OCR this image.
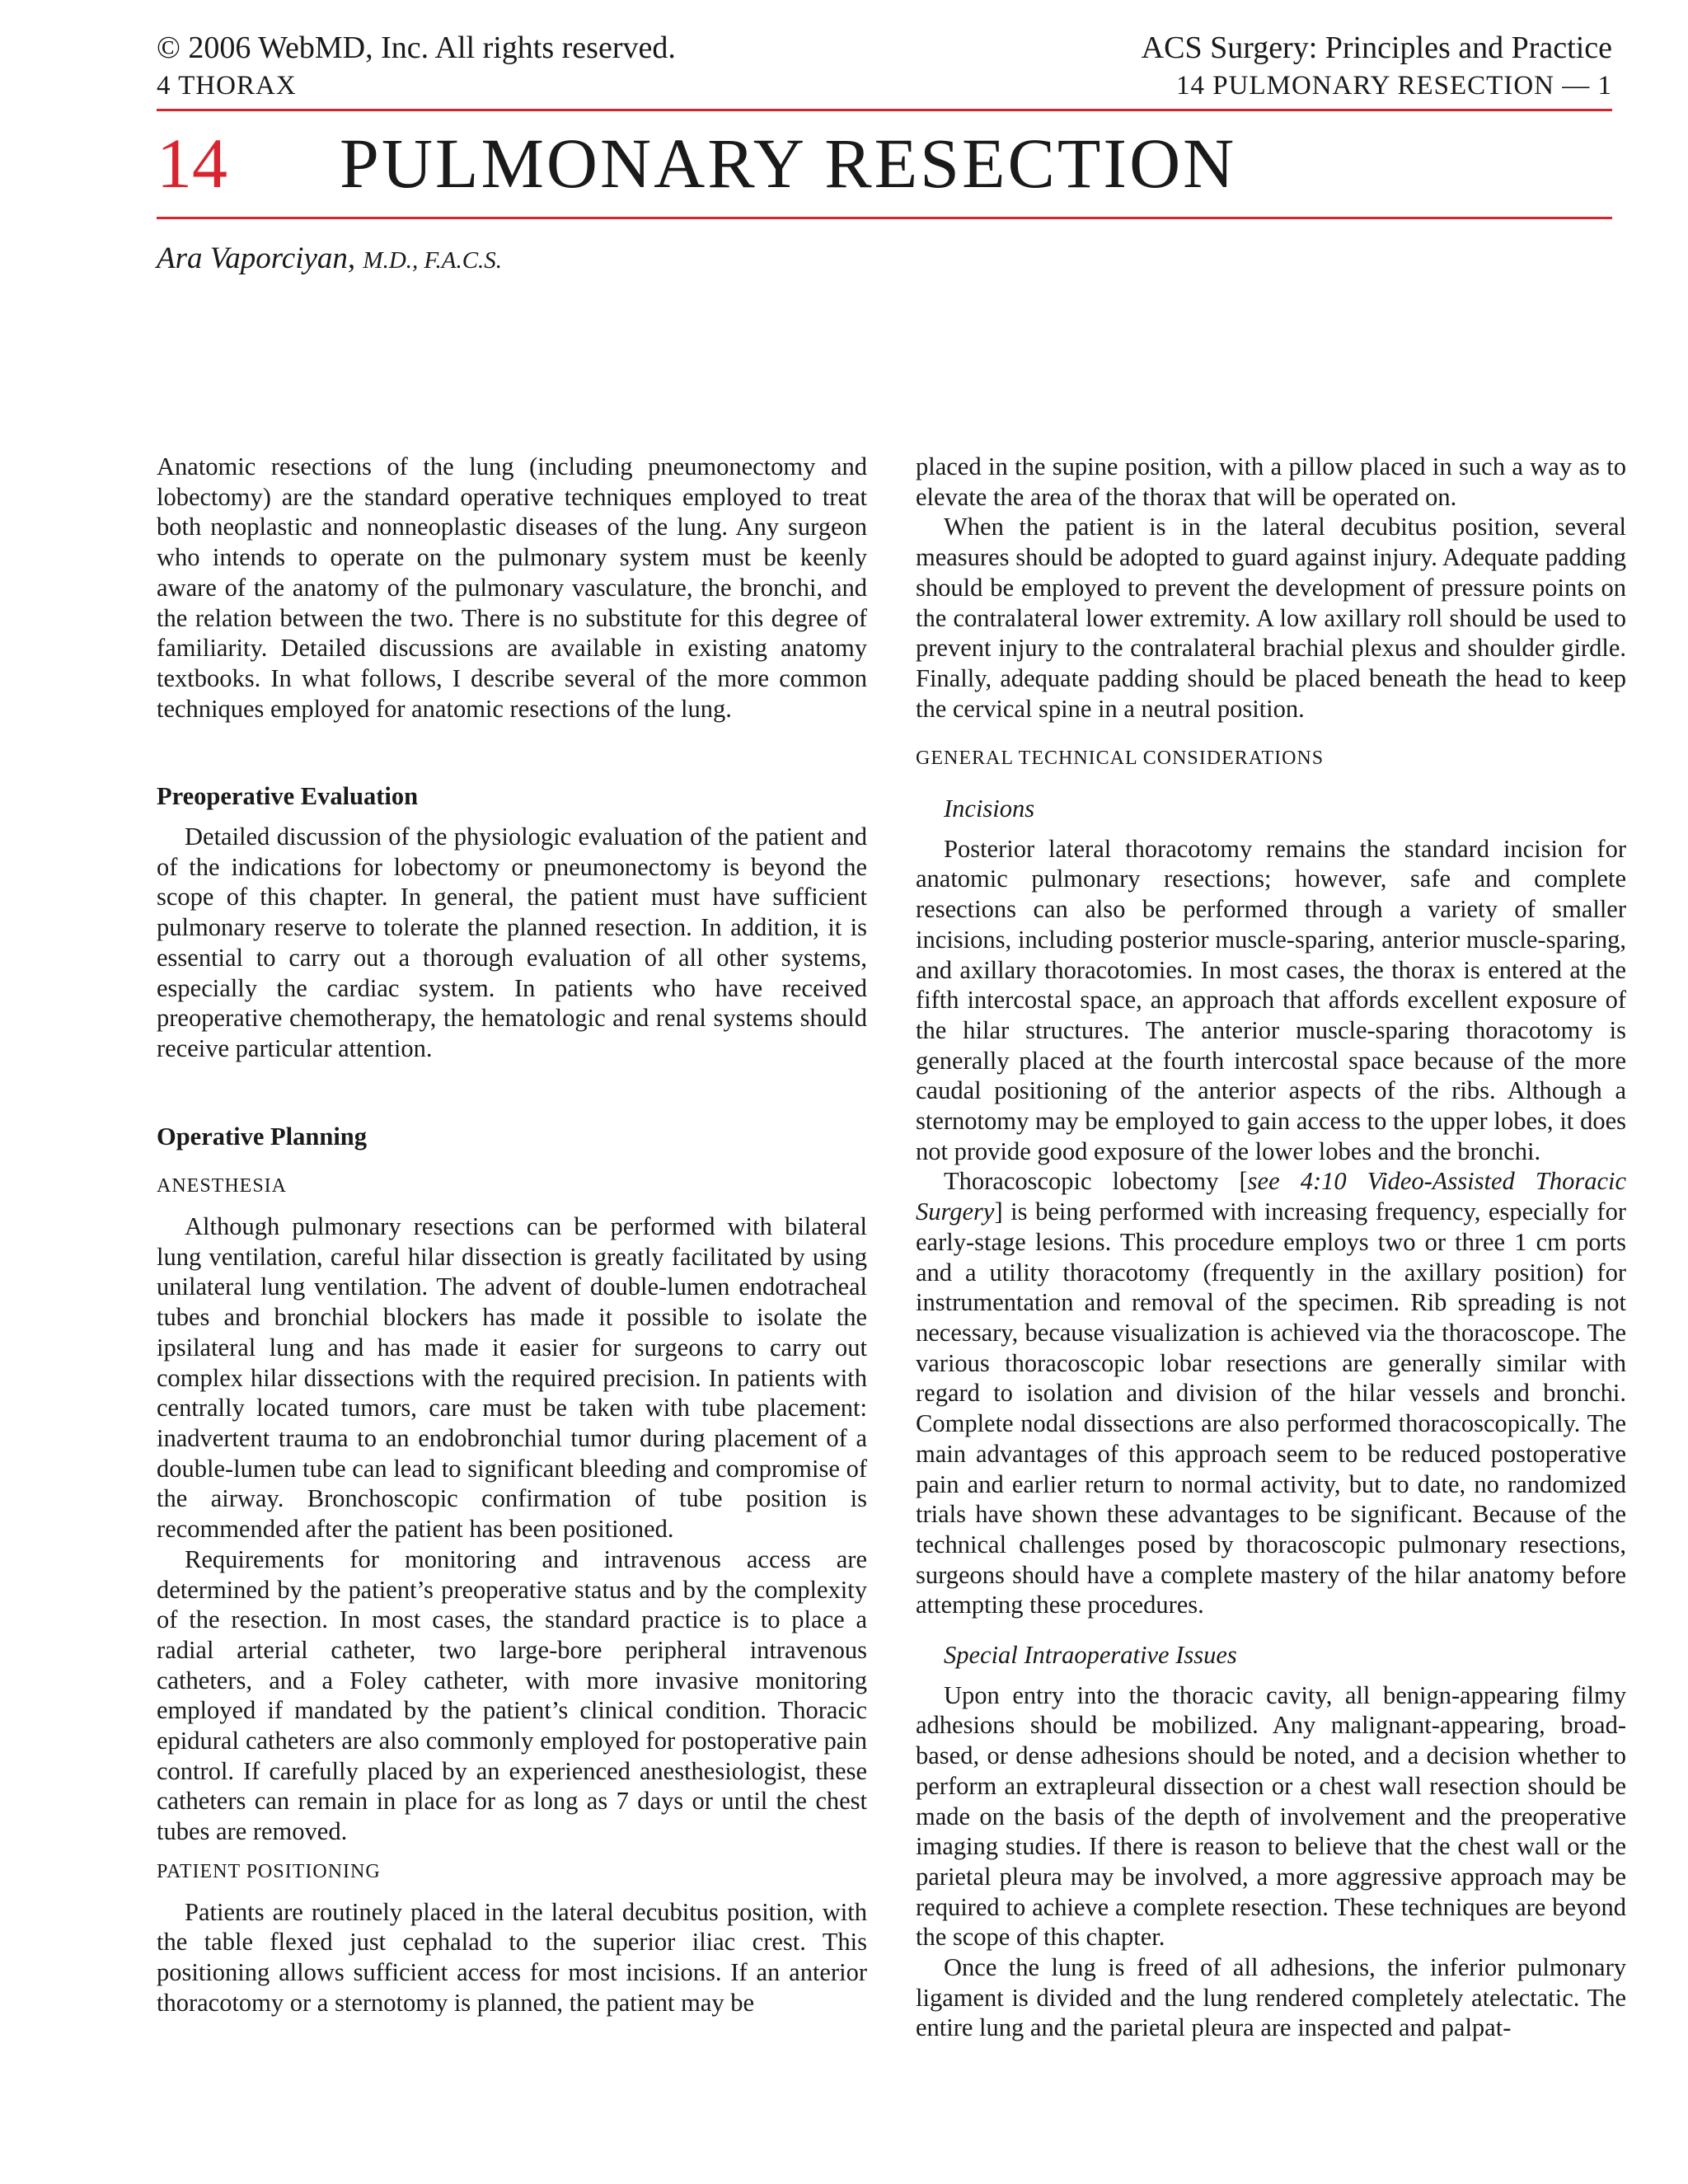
© 2006 WebMD, Inc. All rights reserved.
4 THORAX
ACS Surgery: Principles and Practice
14 PULMONARY RESECTION — 1
14 PULMONARY RESECTION
Ara Vaporciyan, M.D., F.A.C.S.

Anatomic resections of the lung (including pneumonectomy and lobectomy) are the standard operative techniques employed to treat both neoplastic and nonneoplastic diseases of the lung. Any surgeon who intends to operate on the pulmonary system must be keenly aware of the anatomy of the pulmonary vasculature, the bronchi, and the relation between the two. There is no substitute for this degree of familiarity. Detailed discussions are available in existing anatomy textbooks. In what follows, I describe several of the more common techniques employed for anatomic resections of the lung.

Preoperative Evaluation

Detailed discussion of the physiologic evaluation of the patient and of the indications for lobectomy or pneumonectomy is beyond the scope of this chapter. In general, the patient must have sufficient pulmonary reserve to tolerate the planned resection. In addition, it is essential to carry out a thorough evaluation of all other systems, especially the cardiac system. In patients who have received preoperative chemotherapy, the hematologic and renal systems should receive particular attention.

Operative Planning
ANESTHESIA

Although pulmonary resections can be performed with bilateral lung ventilation, careful hilar dissection is greatly facilitated by using unilateral lung ventilation. The advent of double-lumen endotracheal tubes and bronchial blockers has made it possible to isolate the ipsilateral lung and has made it easier for surgeons to carry out complex hilar dissections with the required precision. In patients with centrally located tumors, care must be taken with tube placement: inadvertent trauma to an endobronchial tumor during placement of a double-lumen tube can lead to significant bleeding and compromise of the airway. Bronchoscopic confirmation of tube position is recommended after the patient has been positioned.

Requirements for monitoring and intravenous access are determined by the patient’s preoperative status and by the complexity of the resection. In most cases, the standard practice is to place a radial arterial catheter, two large-bore peripheral intravenous catheters, and a Foley catheter, with more invasive monitoring employed if mandated by the patient’s clinical condition. Thoracic epidural catheters are also commonly employed for postoperative pain control. If carefully placed by an experienced anesthesiologist, these catheters can remain in place for as long as 7 days or until the chest tubes are removed.

PATIENT POSITIONING

Patients are routinely placed in the lateral decubitus position, with the table flexed just cephalad to the superior iliac crest. This positioning allows sufficient access for most incisions. If an anterior thoracotomy or a sternotomy is planned, the patient may be

placed in the supine position, with a pillow placed in such a way as to elevate the area of the thorax that will be operated on.

When the patient is in the lateral decubitus position, several measures should be adopted to guard against injury. Adequate padding should be employed to prevent the development of pressure points on the contralateral lower extremity. A low axillary roll should be used to prevent injury to the contralateral brachial plexus and shoulder girdle. Finally, adequate padding should be placed beneath the head to keep the cervical spine in a neutral position.

GENERAL TECHNICAL CONSIDERATIONS
Incisions

Posterior lateral thoracotomy remains the standard incision for anatomic pulmonary resections; however, safe and complete resections can also be performed through a variety of smaller incisions, including posterior muscle-sparing, anterior muscle-sparing, and axillary thoracotomies. In most cases, the thorax is entered at the fifth intercostal space, an approach that affords excellent exposure of the hilar structures. The anterior muscle-sparing thoracotomy is generally placed at the fourth intercostal space because of the more caudal positioning of the anterior aspects of the ribs. Although a sternotomy may be employed to gain access to the upper lobes, it does not provide good exposure of the lower lobes and the bronchi.

Thoracoscopic lobectomy [see 4:10 Video-Assisted Thoracic Surgery] is being performed with increasing frequency, especially for early-stage lesions. This procedure employs two or three 1 cm ports and a utility thoracotomy (frequently in the axillary position) for instrumentation and removal of the specimen. Rib spreading is not necessary, because visualization is achieved via the thoracoscope. The various thoracoscopic lobar resections are generally similar with regard to isolation and division of the hilar vessels and bronchi. Complete nodal dissections are also performed thoracoscopically. The main advantages of this approach seem to be reduced postoperative pain and earlier return to normal activity, but to date, no randomized trials have shown these advantages to be significant. Because of the technical challenges posed by thoracoscopic pulmonary resections, surgeons should have a complete mastery of the hilar anatomy before attempting these procedures.

Special Intraoperative Issues

Upon entry into the thoracic cavity, all benign-appearing filmy adhesions should be mobilized. Any malignant-appearing, broad-based, or dense adhesions should be noted, and a decision whether to perform an extrapleural dissection or a chest wall resection should be made on the basis of the depth of involvement and the preoperative imaging studies. If there is reason to believe that the chest wall or the parietal pleura may be involved, a more aggressive approach may be required to achieve a complete resection. These techniques are beyond the scope of this chapter.

Once the lung is freed of all adhesions, the inferior pulmonary ligament is divided and the lung rendered completely atelectatic. The entire lung and the parietal pleura are inspected and palpat-
